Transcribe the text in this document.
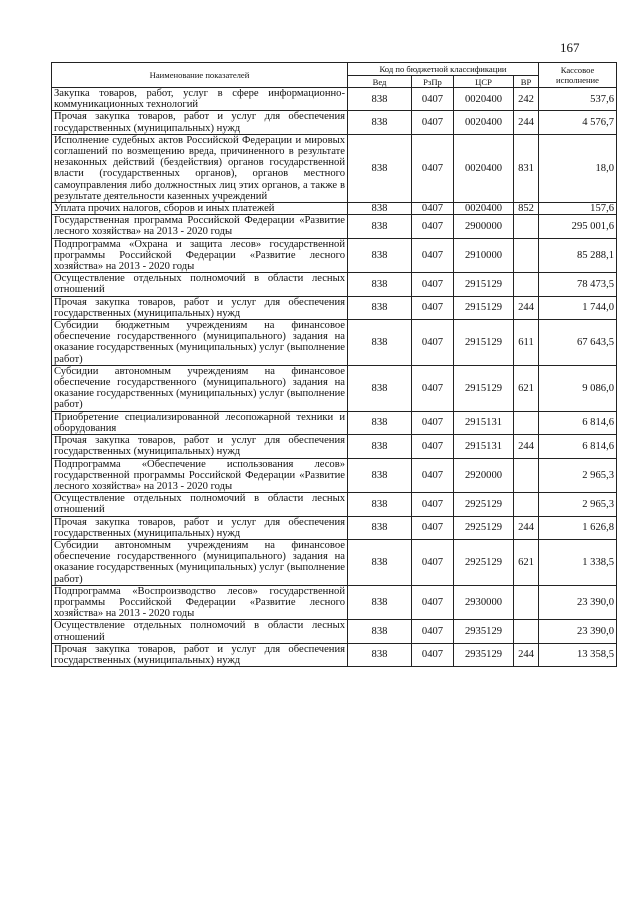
167
Наименование показателей	Код по бюджетной классификации				Кассовое исполнение
	Вед	РзПр	ЦСР	ВР	
Закупка товаров, работ, услуг в сфере информационно-коммуникационных технологий	838	0407	0020400	242	537,6
Прочая закупка товаров, работ и услуг для обеспечения государственных (муниципальных) нужд	838	0407	0020400	244	4 576,7
Исполнение судебных актов Российской Федерации и мировых соглашений по возмещению вреда, причиненного в результате незаконных действий (бездействия) органов государственной власти (государственных органов), органов местного самоуправления либо должностных лиц этих органов, а также в результате деятельности казенных учреждений	838	0407	0020400	831	18,0
Уплата прочих налогов, сборов и иных платежей	838	0407	0020400	852	157,6
Государственная программа Российской Федерации «Развитие лесного хозяйства» на 2013 - 2020 годы	838	0407	2900000		295 001,6
Подпрограмма «Охрана и защита лесов» государственной программы Российской Федерации «Развитие лесного хозяйства» на 2013 - 2020 годы	838	0407	2910000		85 288,1
Осуществление отдельных полномочий в области лесных отношений	838	0407	2915129		78 473,5
Прочая закупка товаров, работ и услуг для обеспечения государственных (муниципальных) нужд	838	0407	2915129	244	1 744,0
Субсидии бюджетным учреждениям на финансовое обеспечение государственного (муниципального) задания на оказание государственных (муниципальных) услуг (выполнение работ)	838	0407	2915129	611	67 643,5
Субсидии автономным учреждениям на финансовое обеспечение государственного (муниципального) задания на оказание государственных (муниципальных) услуг (выполнение работ)	838	0407	2915129	621	9 086,0
Приобретение специализированной лесопожарной техники и оборудования	838	0407	2915131		6 814,6
Прочая закупка товаров, работ и услуг для обеспечения государственных (муниципальных) нужд	838	0407	2915131	244	6 814,6
Подпрограмма «Обеспечение использования лесов» государственной программы Российской Федерации «Развитие лесного хозяйства» на 2013 - 2020 годы	838	0407	2920000		2 965,3
Осуществление отдельных полномочий в области лесных отношений	838	0407	2925129		2 965,3
Прочая закупка товаров, работ и услуг для обеспечения государственных (муниципальных) нужд	838	0407	2925129	244	1 626,8
Субсидии автономным учреждениям на финансовое обеспечение государственного (муниципального) задания на оказание государственных (муниципальных) услуг (выполнение работ)	838	0407	2925129	621	1 338,5
Подпрограмма «Воспроизводство лесов» государственной программы Российской Федерации «Развитие лесного хозяйства» на 2013 - 2020 годы	838	0407	2930000		23 390,0
Осуществление отдельных полномочий в области лесных отношений	838	0407	2935129		23 390,0
Прочая закупка товаров, работ и услуг для обеспечения государственных (муниципальных) нужд	838	0407	2935129	244	13 358,5
